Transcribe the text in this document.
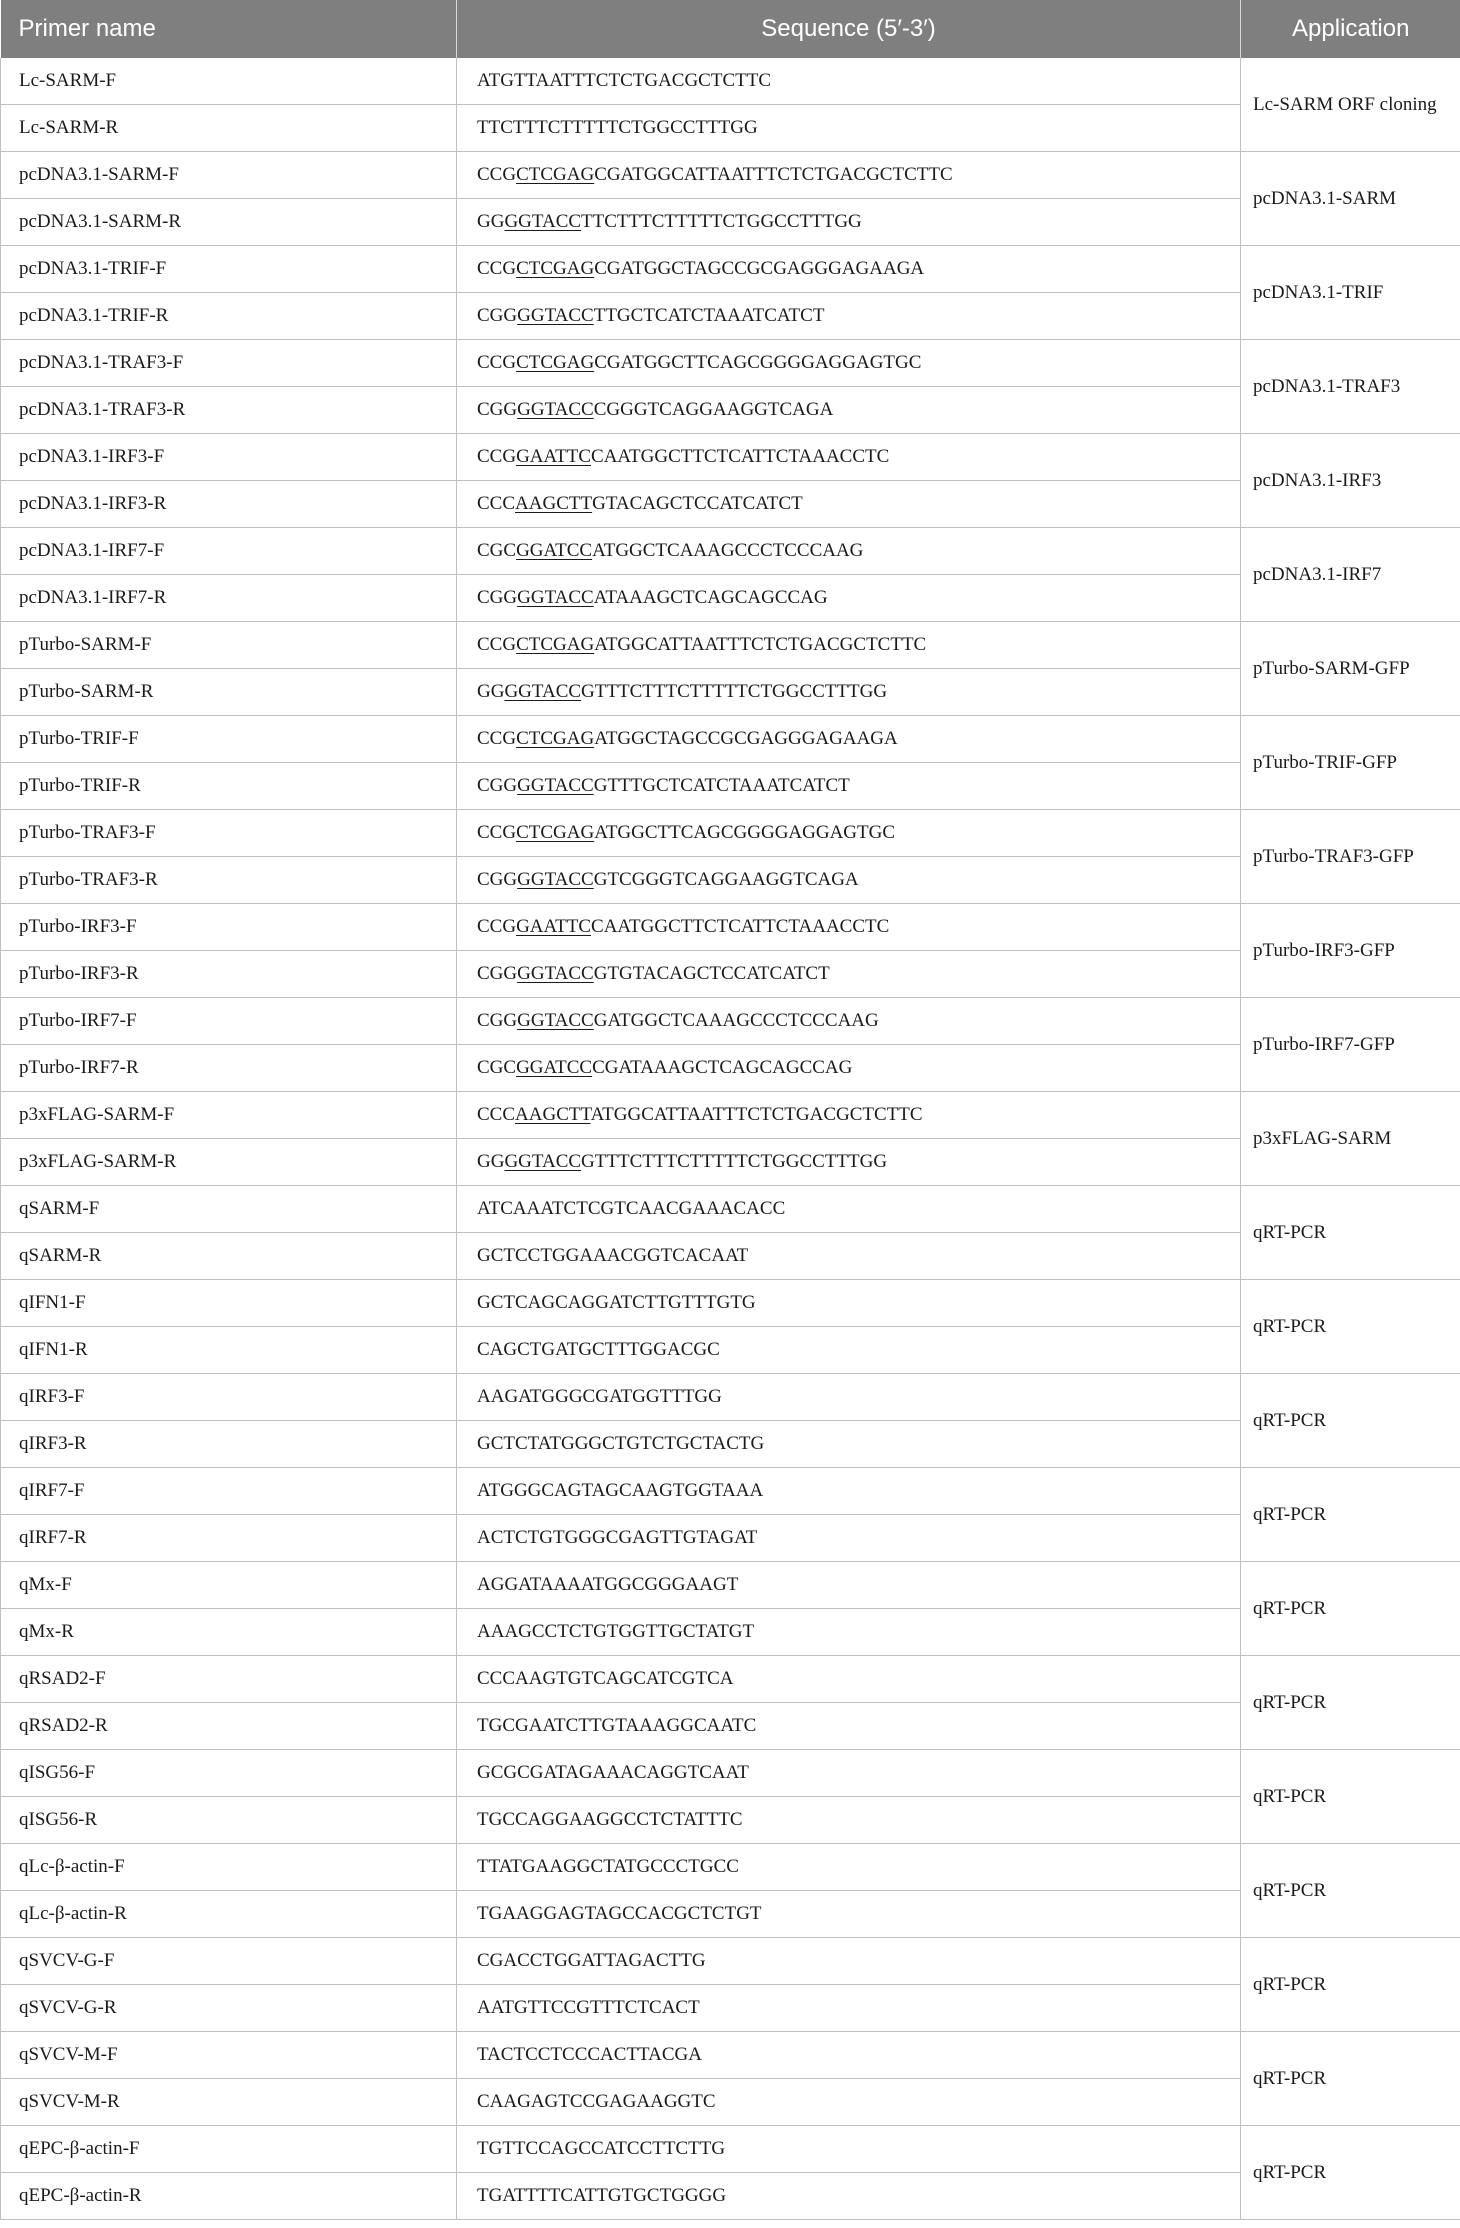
Primer name	Sequence (5′-3′)	Application
Lc-SARM-F	ATGTTAATTTCTCTGACGCTCTTC	Lc-SARM ORF cloning
Lc-SARM-R	TTCTTTCTTTTTCTGGCCTTTGG	
pcDNA3.1-SARM-F	CCGCTCGAGCGATGGCATTAATTTCTCTGACGCTCTTC	pcDNA3.1-SARM
pcDNA3.1-SARM-R	GGGGTACCTTCTTTCTTTTTCTGGCCTTTGG	
pcDNA3.1-TRIF-F	CCGCTCGAGCGATGGCTAGCCGCGAGGGAGAAGA	pcDNA3.1-TRIF
pcDNA3.1-TRIF-R	CGGGGTACCTTGCTCATCTAAATCATCT	
pcDNA3.1-TRAF3-F	CCGCTCGAGCGATGGCTTCAGCGGGGAGGAGTGC	pcDNA3.1-TRAF3
pcDNA3.1-TRAF3-R	CGGGGTACCCGGGTCAGGAAGGTCAGA	
pcDNA3.1-IRF3-F	CCGGAATTCCAATGGCTTCTCATTCTAAACCTC	pcDNA3.1-IRF3
pcDNA3.1-IRF3-R	CCCAAGCTTGTACAGCTCCATCATCT	
pcDNA3.1-IRF7-F	CGCGGATCCATGGCTCAAAGCCCTCCCAAG	pcDNA3.1-IRF7
pcDNA3.1-IRF7-R	CGGGGTACCATAAAGCTCAGCAGCCAG	
pTurbo-SARM-F	CCGCTCGAGATGGCATTAATTTCTCTGACGCTCTTC	pTurbo-SARM-GFP
pTurbo-SARM-R	GGGGTACCGTTTCTTTCTTTTTCTGGCCTTTGG	
pTurbo-TRIF-F	CCGCTCGAGATGGCTAGCCGCGAGGGAGAAGA	pTurbo-TRIF-GFP
pTurbo-TRIF-R	CGGGGTACCGTTTGCTCATCTAAATCATCT	
pTurbo-TRAF3-F	CCGCTCGAGATGGCTTCAGCGGGGAGGAGTGC	pTurbo-TRAF3-GFP
pTurbo-TRAF3-R	CGGGGTACCGTCGGGTCAGGAAGGTCAGA	
pTurbo-IRF3-F	CCGGAATTCCAATGGCTTCTCATTCTAAACCTC	pTurbo-IRF3-GFP
pTurbo-IRF3-R	CGGGGTACCGTGTACAGCTCCATCATCT	
pTurbo-IRF7-F	CGGGGTACCGATGGCTCAAAGCCCTCCCAAG	pTurbo-IRF7-GFP
pTurbo-IRF7-R	CGCGGATCCCGATAAAGCTCAGCAGCCAG	
p3xFLAG-SARM-F	CCCAAGCTTATGGCATTAATTTCTCTGACGCTCTTC	p3xFLAG-SARM
p3xFLAG-SARM-R	GGGGTACCGTTTCTTTCTTTTTCTGGCCTTTGG	
qSARM-F	ATCAAATCTCGTCAACGAAACACC	qRT-PCR
qSARM-R	GCTCCTGGAAACGGTCACAAT	
qIFN1-F	GCTCAGCAGGATCTTGTTTGTG	qRT-PCR
qIFN1-R	CAGCTGATGCTTTGGACGC	
qIRF3-F	AAGATGGGCGATGGTTTGG	qRT-PCR
qIRF3-R	GCTCTATGGGCTGTCTGCTACTG	
qIRF7-F	ATGGGCAGTAGCAAGTGGTAAA	qRT-PCR
qIRF7-R	ACTCTGTGGGCGAGTTGTAGAT	
qMx-F	AGGATAAAATGGCGGGAAGT	qRT-PCR
qMx-R	AAAGCCTCTGTGGTTGCTATGT	
qRSAD2-F	CCCAAGTGTCAGCATCGTCA	qRT-PCR
qRSAD2-R	TGCGAATCTTGTAAAGGCAATC	
qISG56-F	GCGCGATAGAAACAGGTCAAT	qRT-PCR
qISG56-R	TGCCAGGAAGGCCTCTATTTC	
qLc-β-actin-F	TTATGAAGGCTATGCCCTGCC	qRT-PCR
qLc-β-actin-R	TGAAGGAGTAGCCACGCTCTGT	
qSVCV-G-F	CGACCTGGATTAGACTTG	qRT-PCR
qSVCV-G-R	AATGTTCCGTTTCTCACT	
qSVCV-M-F	TACTCCTCCCACTTACGA	qRT-PCR
qSVCV-M-R	CAAGAGTCCGAGAAGGTC	
qEPC-β-actin-F	TGTTCCAGCCATCCTTCTTG	qRT-PCR
qEPC-β-actin-R	TGATTTTCATTGTGCTGGGG	
